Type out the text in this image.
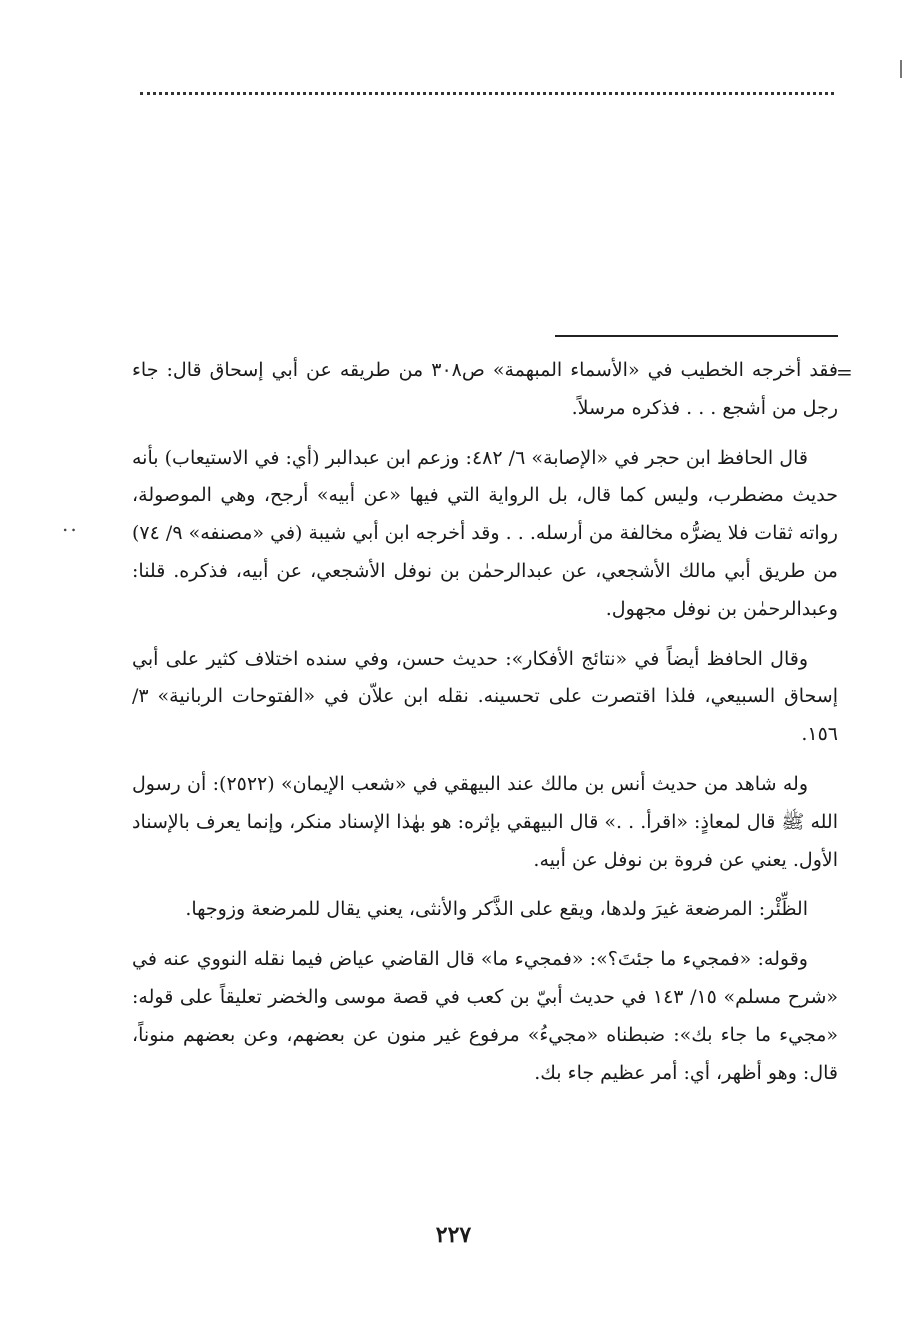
..
=

فقد أخرجه الخطيب في «الأسماء المبهمة» ص٣٠٨ من طريقه عن أبي إسحاق قال: جاء رجل من أشجع . . . فذكره مرسلاً.

قال الحافظ ابن حجر في «الإصابة» ٦/ ٤٨٢: وزعم ابن عبدالبر (أي: في الاستيعاب) بأنه حديث مضطرب، وليس كما قال، بل الرواية التي فيها «عن أبيه» أرجح، وهي الموصولة، رواته ثقات فلا يضرُّه مخالفة من أرسله. . . وقد أخرجه ابن أبي شيبة (في «مصنفه» ٩/ ٧٤) من طريق أبي مالك الأشجعي، عن عبدالرحمٰن بن نوفل الأشجعي، عن أبيه، فذكره. قلنا: وعبدالرحمٰن بن نوفل مجهول.

وقال الحافظ أيضاً في «نتائج الأفكار»: حديث حسن، وفي سنده اختلاف كثير على أبي إسحاق السبيعي، فلذا اقتصرت على تحسينه. نقله ابن علاّن في «الفتوحات الربانية» ٣/ ١٥٦.

وله شاهد من حديث أنس بن مالك عند البيهقي في «شعب الإيمان» (٢٥٢٢): أن رسول الله ﷺ قال لمعاذٍ: «اقرأ. . .» قال البيهقي بإثره: هو بهٰذا الإسناد منكر، وإنما يعرف بالإسناد الأول. يعني عن فروة بن نوفل عن أبيه.

الظِّئْر: المرضعة غيرَ ولدها، ويقع على الذَّكر والأنثى، يعني يقال للمرضعة وزوجها.

وقوله: «فمجيء ما جئتَ؟»: «فمجيء ما» قال القاضي عياض فيما نقله النووي عنه في «شرح مسلم» ١٥/ ١٤٣ في حديث أبيّ بن كعب في قصة موسى والخضر تعليقاً على قوله: «مجيء ما جاء بك»: ضبطناه «مجيءُ» مرفوع غير منون عن بعضهم، وعن بعضهم منوناً، قال: وهو أظهر، أي: أمر عظيم جاء بك.

٢٢٧
